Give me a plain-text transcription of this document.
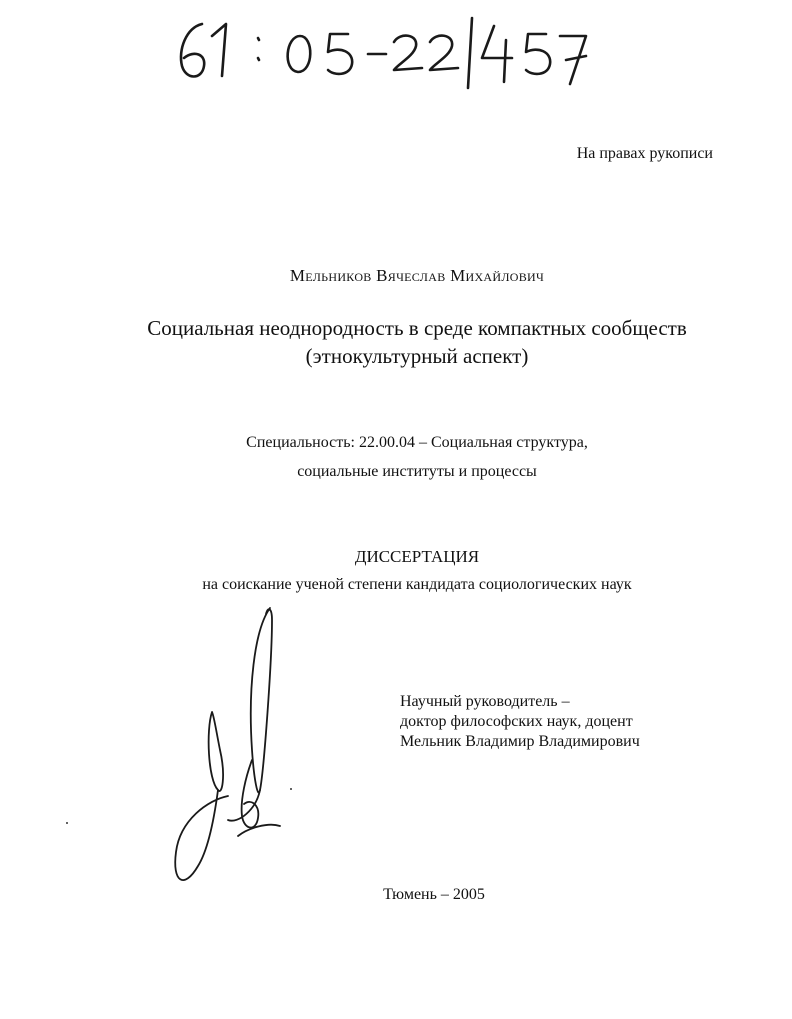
На правах рукописи
Мельников Вячеслав Михайлович
Социальная неоднородность в среде компактных сообществ
(этнокультурный аспект)
Специальность: 22.00.04 – Социальная структура,
социальные институты и процессы
ДИССЕРТАЦИЯ
на соискание ученой степени кандидата социологических наук
Научный руководитель –
доктор философских наук, доцент
Мельник Владимир Владимирович
Тюмень – 2005
